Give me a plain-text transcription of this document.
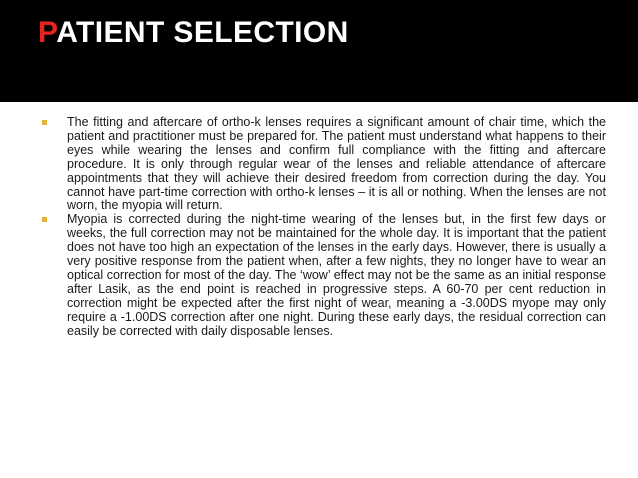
PATIENT SELECTION
The fitting and aftercare of ortho-k lenses requires a significant amount of chair time, which the patient and practitioner must be prepared for. The patient must understand what happens to their eyes while wearing the lenses and confirm full compliance with the fitting and aftercare procedure. It is only through regular wear of the lenses and reliable attendance of aftercare appointments that they will achieve their desired freedom from correction during the day. You cannot have part-time correction with ortho-k lenses – it is all or nothing. When the lenses are not worn, the myopia will return.
Myopia is corrected during the night-time wearing of the lenses but, in the first few days or weeks, the full correction may not be maintained for the whole day. It is important that the patient does not have too high an expectation of the lenses in the early days. However, there is usually a very positive response from the patient when, after a few nights, they no longer have to wear an optical correction for most of the day. The ‘wow’ effect may not be the same as an initial response after Lasik, as the end point is reached in progressive steps. A 60-70 per cent reduction in correction might be expected after the first night of wear, meaning a -3.00DS myope may only require a -1.00DS correction after one night. During these early days, the residual correction can easily be corrected with daily disposable lenses.
